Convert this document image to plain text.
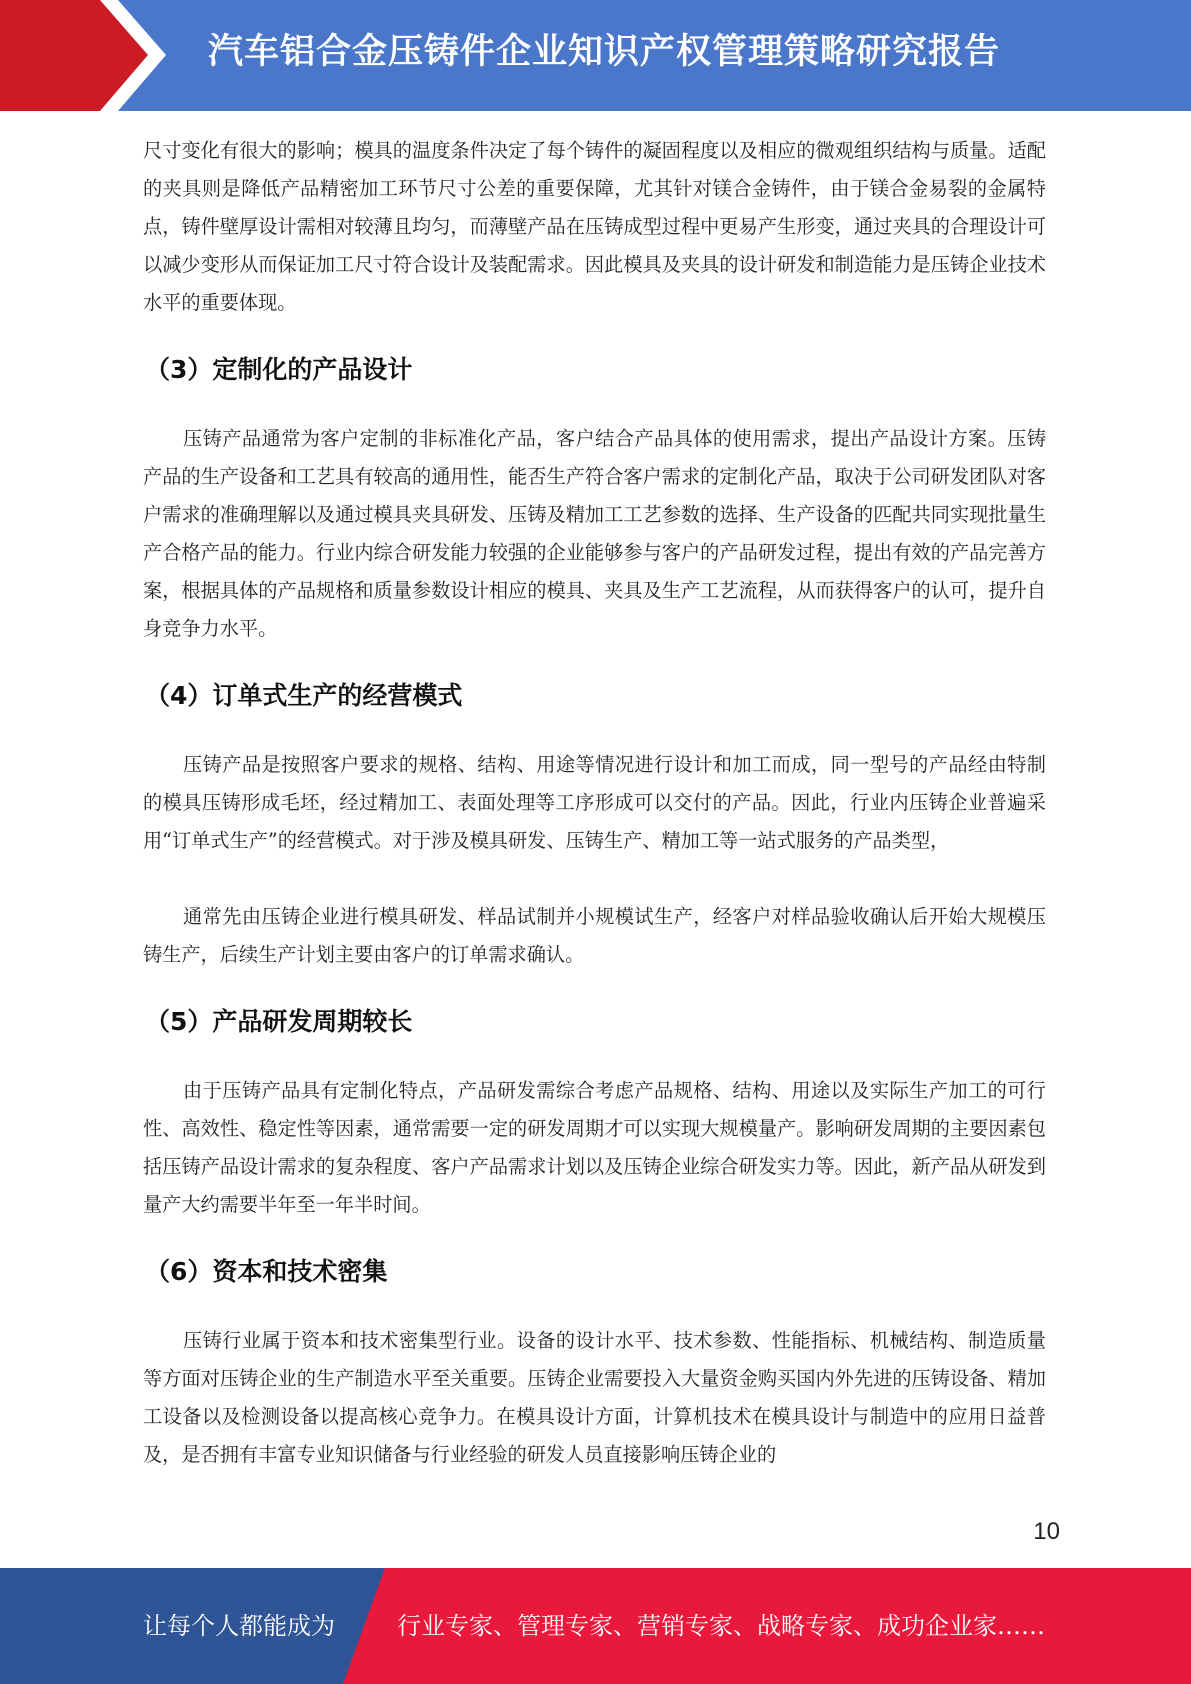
汽车铝合金压铸件企业知识产权管理策略研究报告

尺寸变化有很大的影响；模具的温度条件决定了每个铸件的凝固程度以及相应的微观组织结构与质量。适配的夹具则是降低产品精密加工环节尺寸公差的重要保障，尤其针对镁合金铸件，由于镁合金易裂的金属特点，铸件壁厚设计需相对较薄且均匀，而薄壁产品在压铸成型过程中更易产生形变，通过夹具的合理设计可以减少变形从而保证加工尺寸符合设计及装配需求。因此模具及夹具的设计研发和制造能力是压铸企业技术水平的重要体现。

（3）定制化的产品设计

压铸产品通常为客户定制的非标准化产品，客户结合产品具体的使用需求，提出产品设计方案。压铸产品的生产设备和工艺具有较高的通用性，能否生产符合客户需求的定制化产品，取决于公司研发团队对客户需求的准确理解以及通过模具夹具研发、压铸及精加工工艺参数的选择、生产设备的匹配共同实现批量生产合格产品的能力。行业内综合研发能力较强的企业能够参与客户的产品研发过程，提出有效的产品完善方案，根据具体的产品规格和质量参数设计相应的模具、夹具及生产工艺流程，从而获得客户的认可，提升自身竞争力水平。

（4）订单式生产的经营模式

压铸产品是按照客户要求的规格、结构、用途等情况进行设计和加工而成，同一型号的产品经由特制的模具压铸形成毛坯，经过精加工、表面处理等工序形成可以交付的产品。因此，行业内压铸企业普遍采用“订单式生产”的经营模式。对于涉及模具研发、压铸生产、精加工等一站式服务的产品类型，

通常先由压铸企业进行模具研发、样品试制并小规模试生产，经客户对样品验收确认后开始大规模压铸生产，后续生产计划主要由客户的订单需求确认。

（5）产品研发周期较长

由于压铸产品具有定制化特点，产品研发需综合考虑产品规格、结构、用途以及实际生产加工的可行性、高效性、稳定性等因素，通常需要一定的研发周期才可以实现大规模量产。影响研发周期的主要因素包括压铸产品设计需求的复杂程度、客户产品需求计划以及压铸企业综合研发实力等。因此，新产品从研发到量产大约需要半年至一年半时间。

（6）资本和技术密集

压铸行业属于资本和技术密集型行业。设备的设计水平、技术参数、性能指标、机械结构、制造质量等方面对压铸企业的生产制造水平至关重要。压铸企业需要投入大量资金购买国内外先进的压铸设备、精加工设备以及检测设备以提高核心竞争力。在模具设计方面，计算机技术在模具设计与制造中的应用日益普及，是否拥有丰富专业知识储备与行业经验的研发人员直接影响压铸企业的

10
让每个人都能成为	行业专家、管理专家、营销专家、战略专家、成功企业家……
